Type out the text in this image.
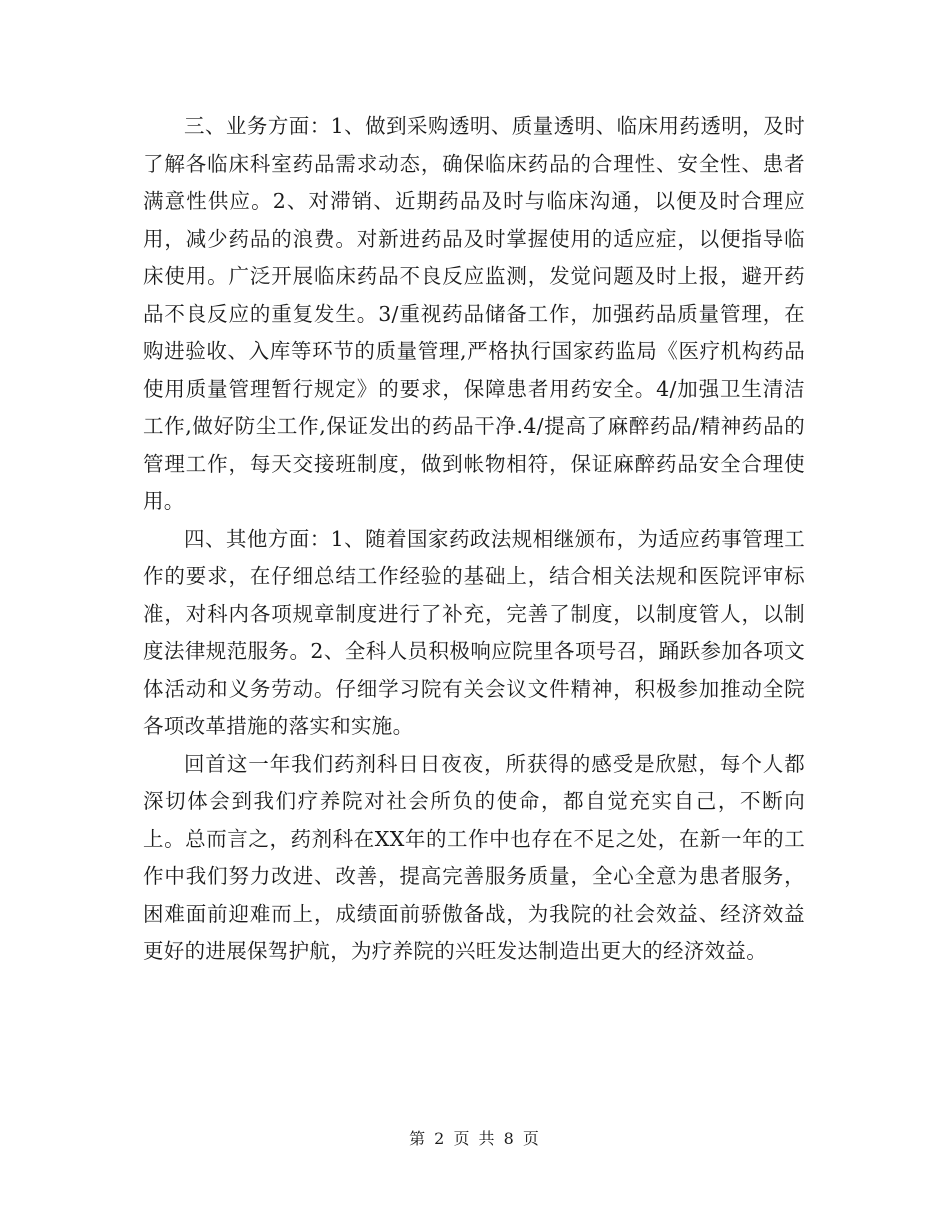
三、业务方面：1、做到采购透明、质量透明、临床用药透明，及时了解各临床科室药品需求动态，确保临床药品的合理性、安全性、患者满意性供应。2、对滞销、近期药品及时与临床沟通，以便及时合理应用，减少药品的浪费。对新进药品及时掌握使用的适应症，以便指导临床使用。广泛开展临床药品不良反应监测，发觉问题及时上报，避开药品不良反应的重复发生。3/重视药品储备工作，加强药品质量管理，在购进验收、入库等环节的质量管理,严格执行国家药监局《医疗机构药品使用质量管理暂行规定》的要求，保障患者用药安全。4/加强卫生清洁工作,做好防尘工作,保证发出的药品干净.4/提高了麻醉药品/精神药品的管理工作，每天交接班制度，做到帐物相符，保证麻醉药品安全合理使用。

四、其他方面：1、随着国家药政法规相继颁布，为适应药事管理工作的要求，在仔细总结工作经验的基础上，结合相关法规和医院评审标准，对科内各项规章制度进行了补充，完善了制度，以制度管人，以制度法律规范服务。2、全科人员积极响应院里各项号召，踊跃参加各项文体活动和义务劳动。仔细学习院有关会议文件精神，积极参加推动全院各项改革措施的落实和实施。

回首这一年我们药剂科日日夜夜，所获得的感受是欣慰，每个人都深切体会到我们疗养院对社会所负的使命，都自觉充实自己，不断向上。总而言之，药剂科在XX年的工作中也存在不足之处，在新一年的工作中我们努力改进、改善，提高完善服务质量，全心全意为患者服务，困难面前迎难而上，成绩面前骄傲备战，为我院的社会效益、经济效益更好的进展保驾护航，为疗养院的兴旺发达制造出更大的经济效益。

第 2 页 共 8 页
